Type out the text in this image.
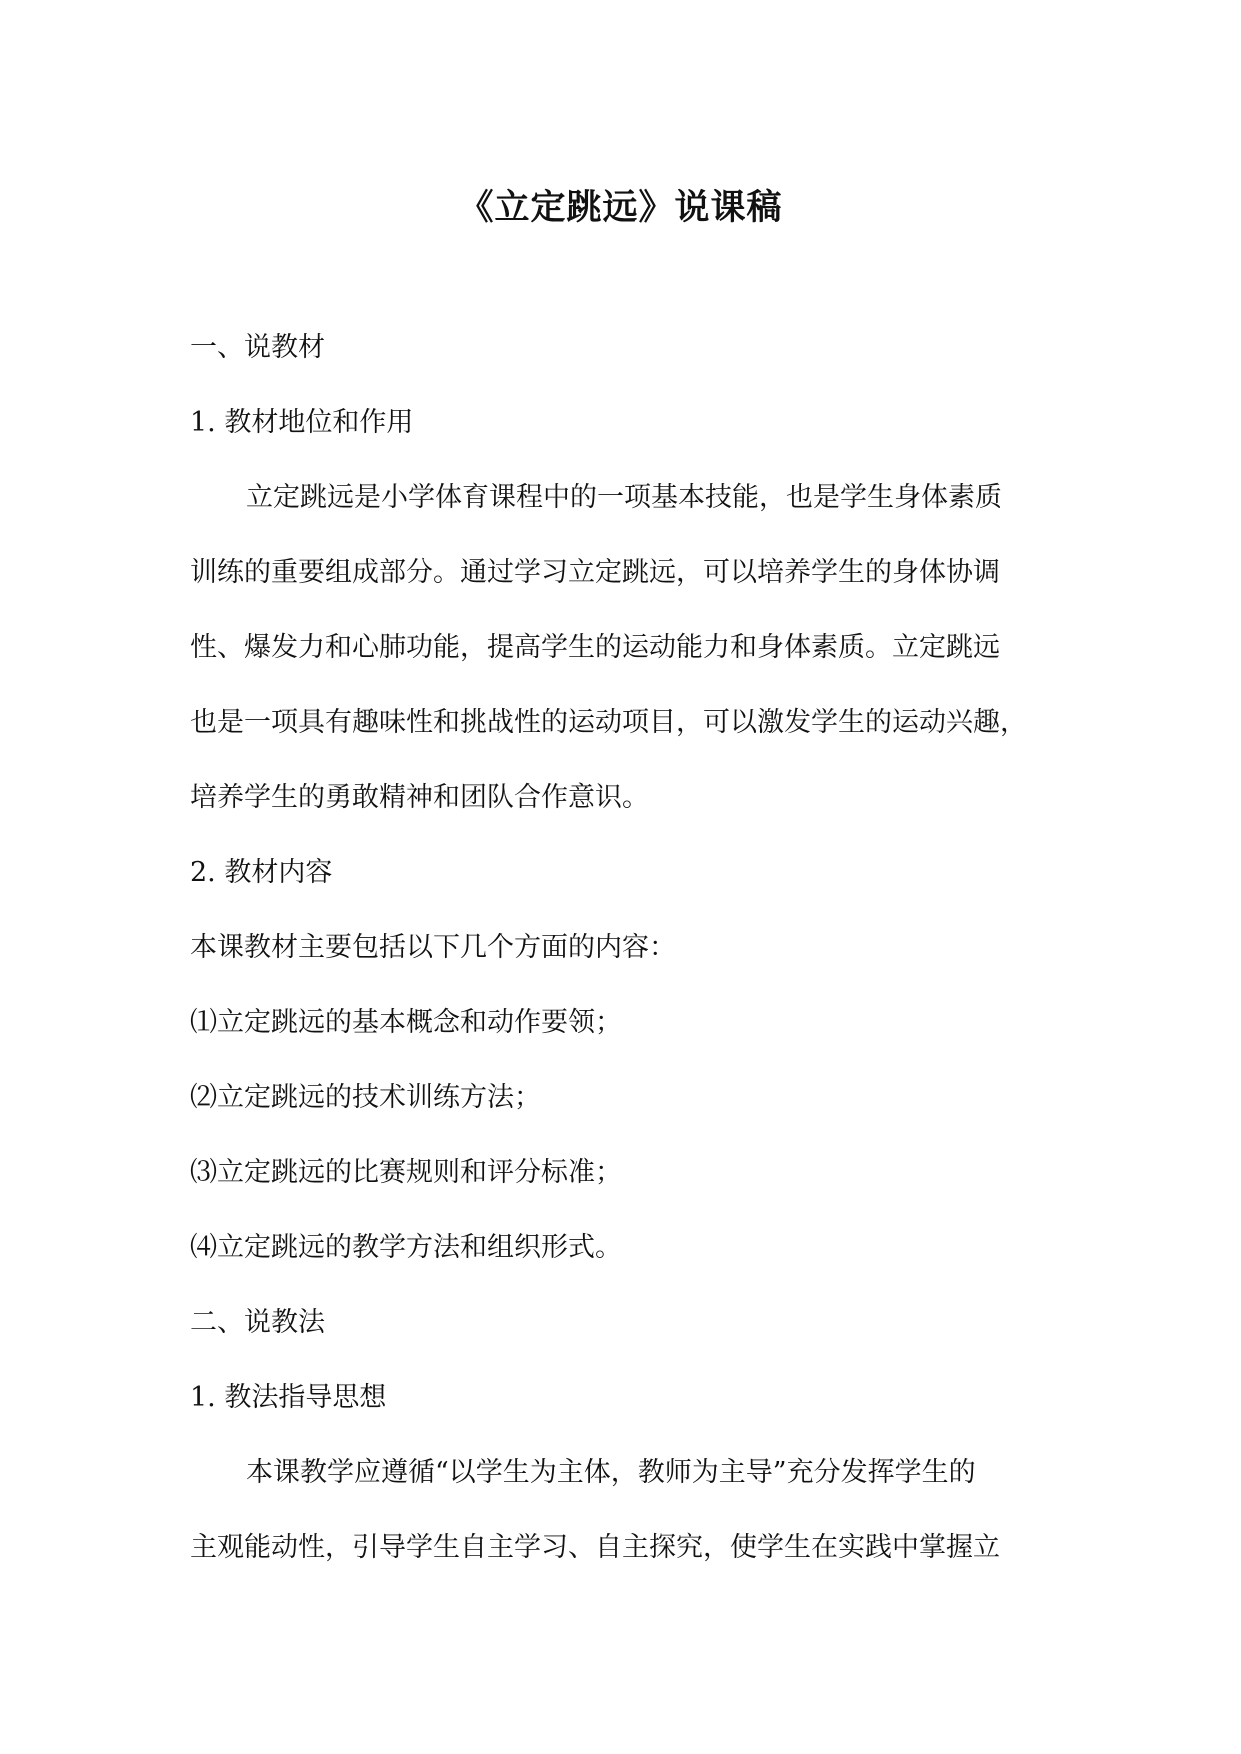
《立定跳远》说课稿

一、说教材

1. 教材地位和作用

立定跳远是小学体育课程中的一项基本技能，也是学生身体素质
训练的重要组成部分。通过学习立定跳远，可以培养学生的身体协调
性、爆发力和心肺功能，提高学生的运动能力和身体素质。立定跳远
也是一项具有趣味性和挑战性的运动项目，可以激发学生的运动兴趣，
培养学生的勇敢精神和团队合作意识。

2. 教材内容

本课教材主要包括以下几个方面的内容：

⑴立定跳远的基本概念和动作要领；

⑵立定跳远的技术训练方法；

⑶立定跳远的比赛规则和评分标准；

⑷立定跳远的教学方法和组织形式。

二、说教法

1. 教法指导思想

本课教学应遵循“以学生为主体，教师为主导”充分发挥学生的
主观能动性，引导学生自主学习、自主探究，使学生在实践中掌握立
